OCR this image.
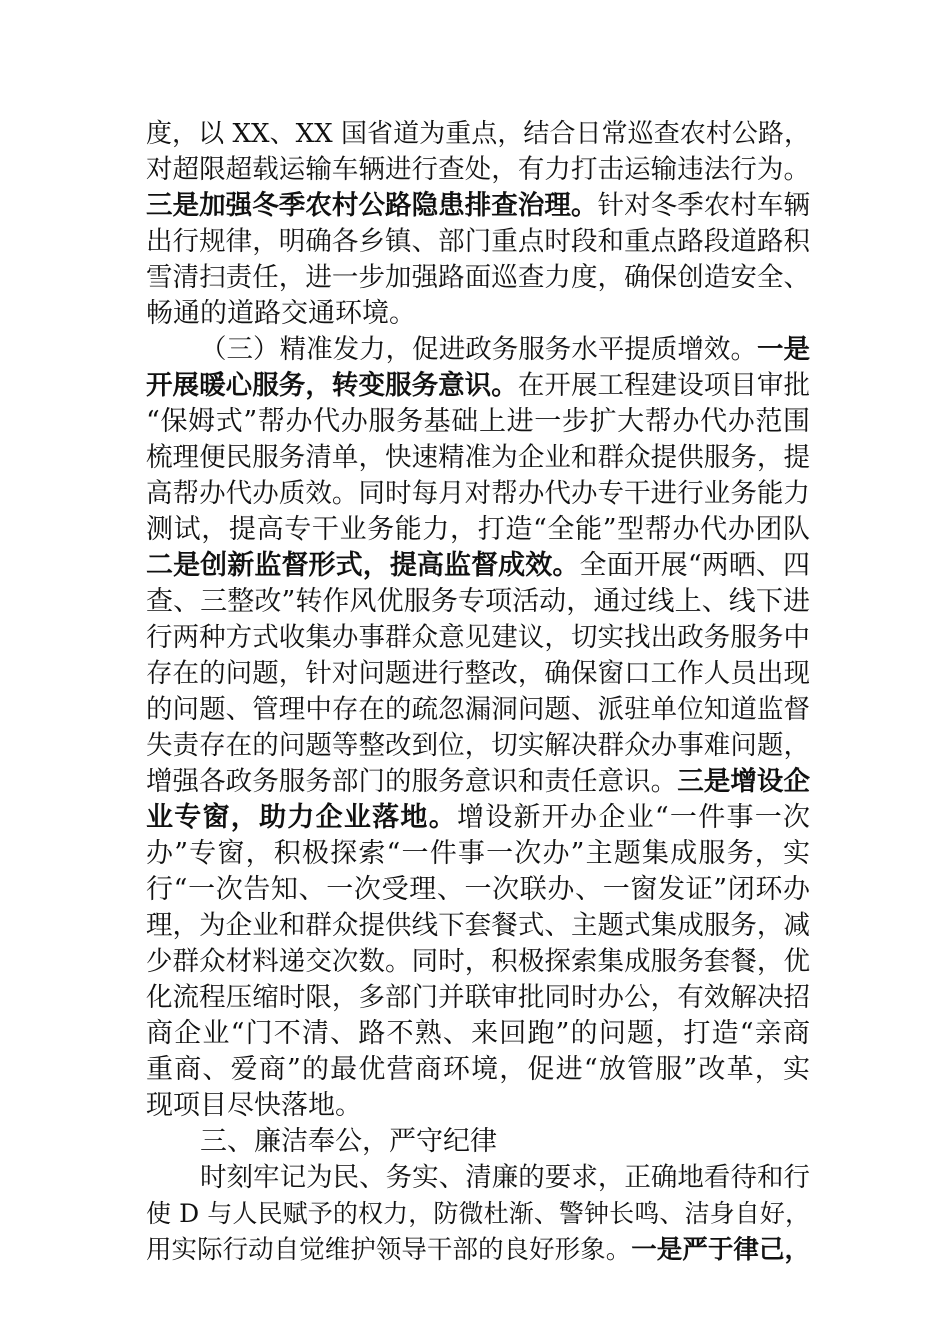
度，以 XX、XX 国省道为重点，结合日常巡查农村公路，
对超限超载运输车辆进行查处，有力打击运输违法行为。
三是加强冬季农村公路隐患排查治理。针对冬季农村车辆
出行规律，明确各乡镇、部门重点时段和重点路段道路积
雪清扫责任，进一步加强路面巡查力度，确保创造安全、
畅通的道路交通环境。
（三）精准发力，促进政务服务水平提质增效。一是
开展暖心服务，转变服务意识。在开展工程建设项目审批
“保姆式”帮办代办服务基础上进一步扩大帮办代办范围
梳理便民服务清单，快速精准为企业和群众提供服务，提
高帮办代办质效。同时每月对帮办代办专干进行业务能力
测试，提高专干业务能力，打造“全能”型帮办代办团队
二是创新监督形式，提高监督成效。全面开展“两晒、四
查、三整改”转作风优服务专项活动，通过线上、线下进
行两种方式收集办事群众意见建议，切实找出政务服务中
存在的问题，针对问题进行整改，确保窗口工作人员出现
的问题、管理中存在的疏忽漏洞问题、派驻单位知道监督
失责存在的问题等整改到位，切实解决群众办事难问题，
增强各政务服务部门的服务意识和责任意识。三是增设企
业专窗，助力企业落地。增设新开办企业“一件事一次
办”专窗，积极探索“一件事一次办”主题集成服务，实
行“一次告知、一次受理、一次联办、一窗发证”闭环办
理，为企业和群众提供线下套餐式、主题式集成服务，减
少群众材料递交次数。同时，积极探索集成服务套餐，优
化流程压缩时限，多部门并联审批同时办公，有效解决招
商企业“门不清、路不熟、来回跑”的问题，打造“亲商
重商、爱商”的最优营商环境，促进“放管服”改革，实
现项目尽快落地。
三、廉洁奉公，严守纪律
时刻牢记为民、务实、清廉的要求，正确地看待和行
使 D 与人民赋予的权力，防微杜渐、警钟长鸣、洁身自好，
用实际行动自觉维护领导干部的良好形象。一是严于律己，
